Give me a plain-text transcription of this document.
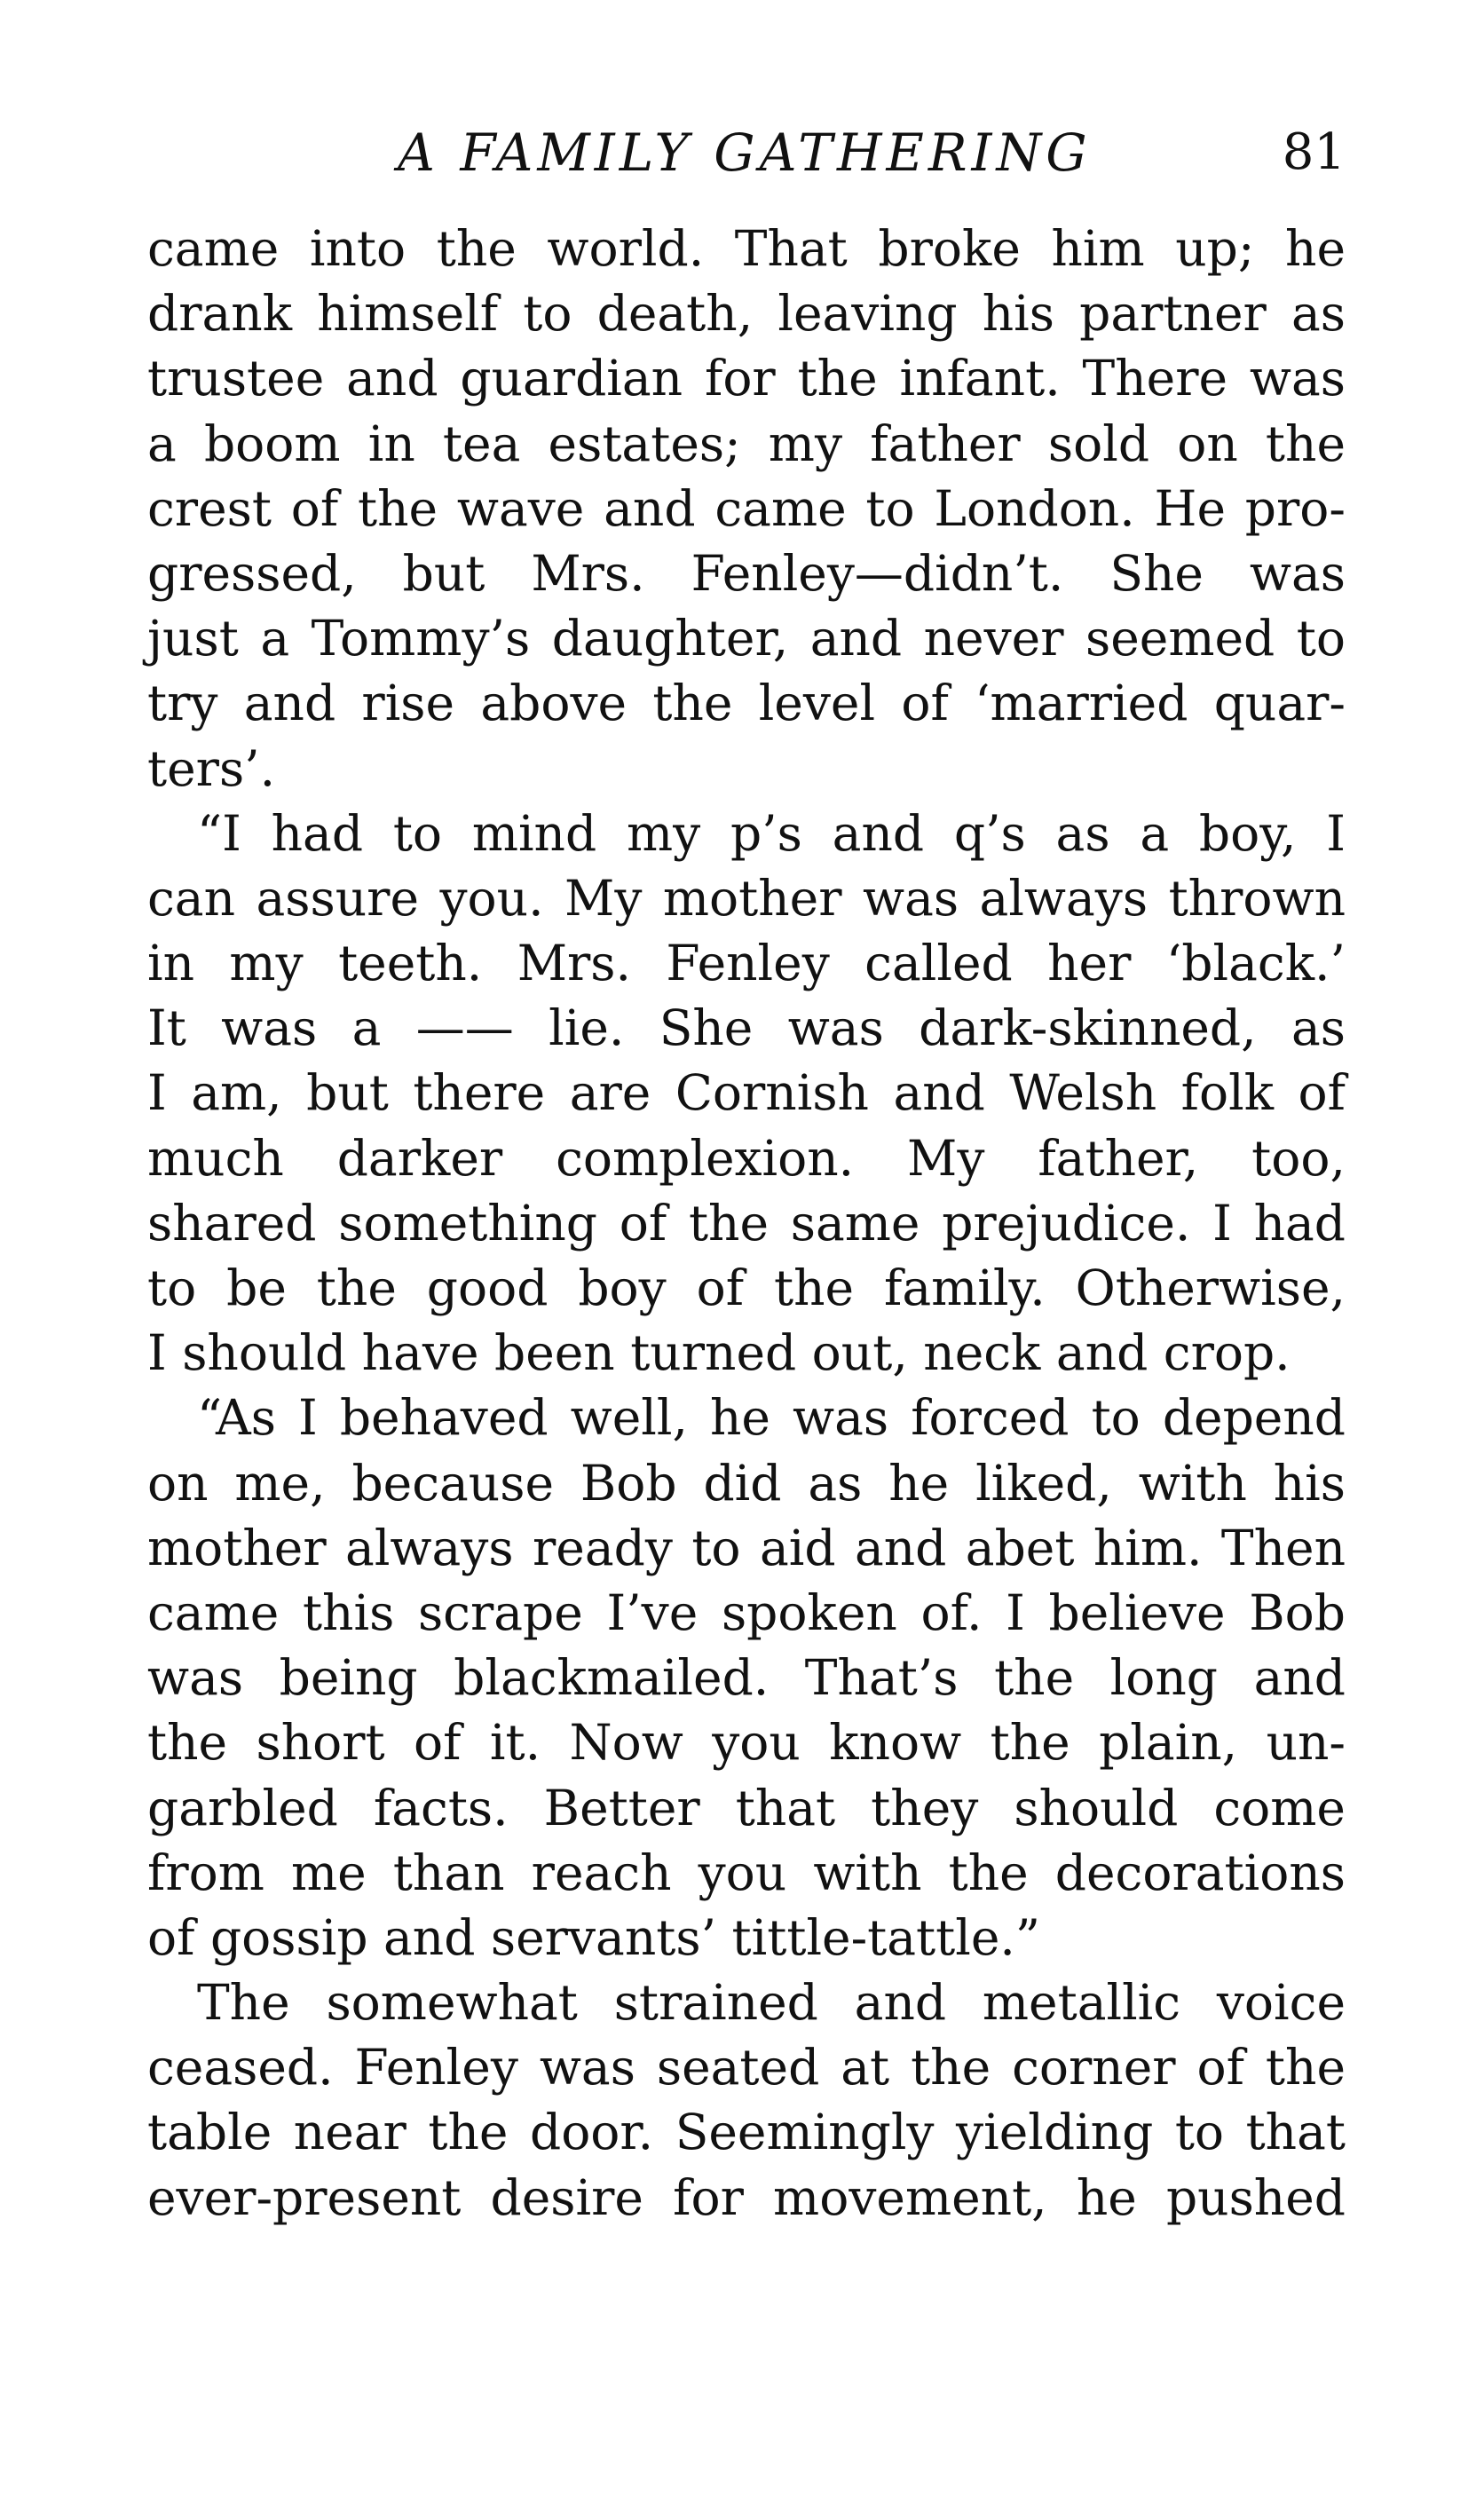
A FAMILY GATHERING	81
came into the world. That broke him up; he
drank himself to death, leaving his partner as
trustee and guardian for the infant. There was
a boom in tea estates; my father sold on the
crest of the wave and came to London. He pro-
gressed, but Mrs. Fenley—didn’t. She was
just a Tommy’s daughter, and never seemed to
try and rise above the level of ‘married quar-
ters’.
“I had to mind my p’s and q’s as a boy, I
can assure you. My mother was always thrown
in my teeth. Mrs. Fenley called her ‘black.’
It was a —— lie. She was dark-skinned, as
I am, but there are Cornish and Welsh folk of
much darker complexion. My father, too,
shared something of the same prejudice. I had
to be the good boy of the family. Otherwise,
I should have been turned out, neck and crop.
“As I behaved well, he was forced to depend
on me, because Bob did as he liked, with his
mother always ready to aid and abet him. Then
came this scrape I’ve spoken of. I believe Bob
was being blackmailed. That’s the long and
the short of it. Now you know the plain, un-
garbled facts. Better that they should come
from me than reach you with the decorations
of gossip and servants’ tittle-tattle.”
The somewhat strained and metallic voice
ceased. Fenley was seated at the corner of the
table near the door. Seemingly yielding to that
ever-present desire for movement, he pushed
